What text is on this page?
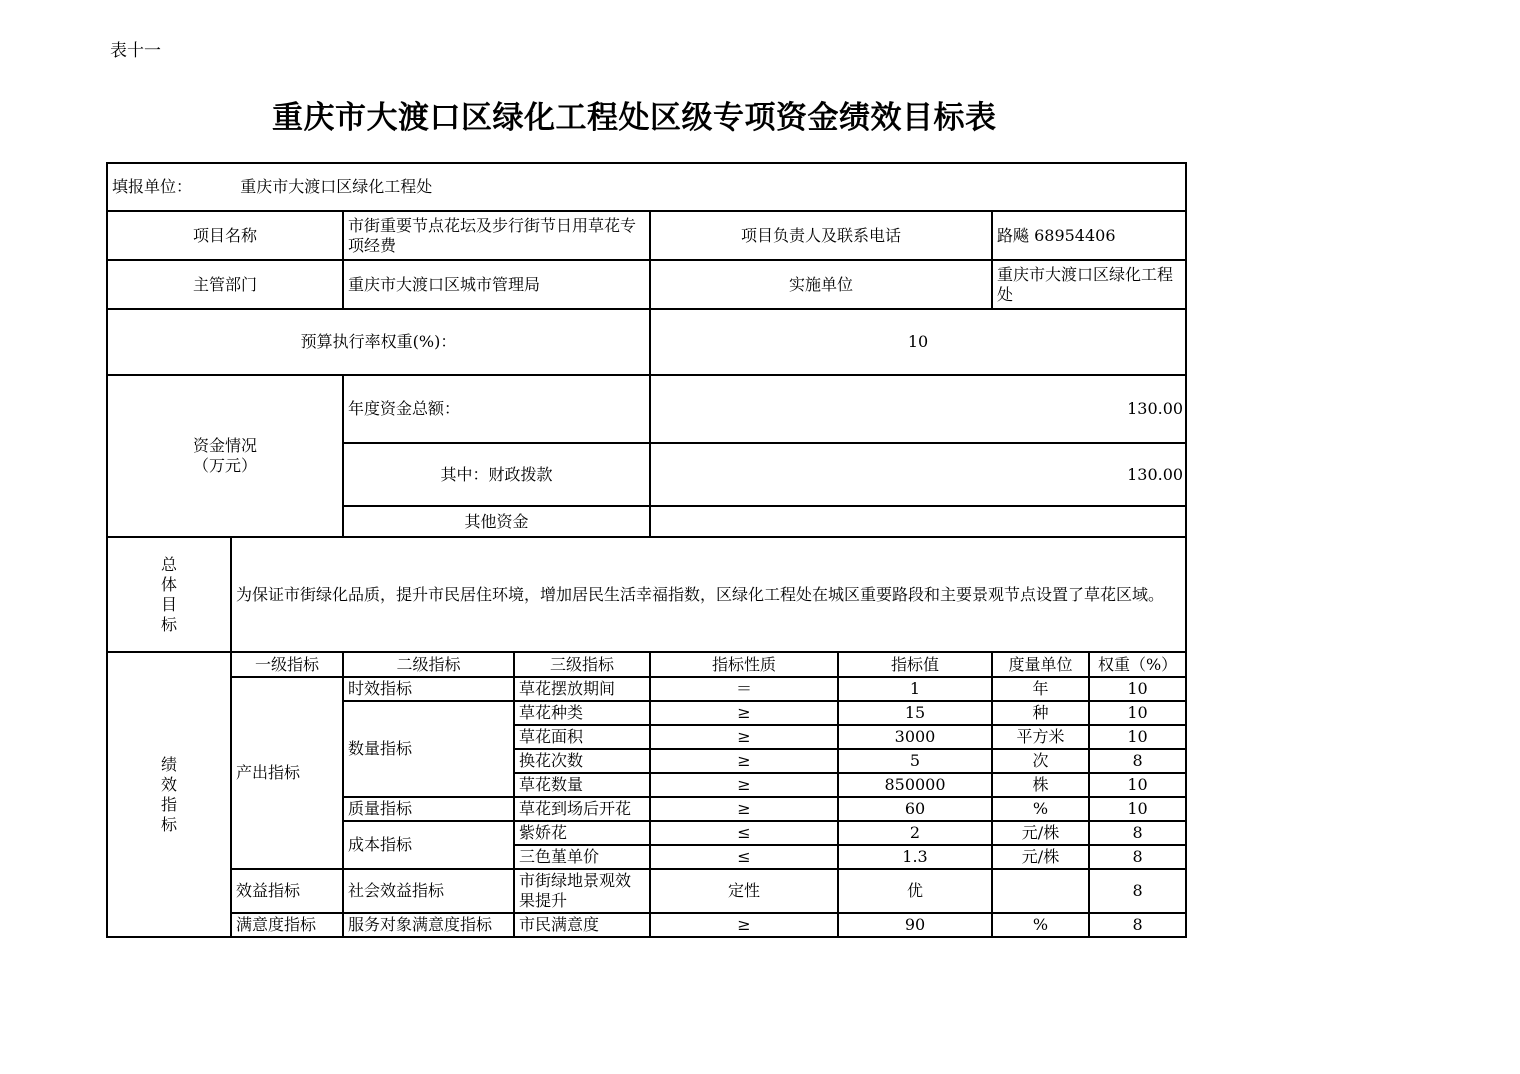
表十一
重庆市大渡口区绿化工程处区级专项资金绩效目标表
填报单位： 重庆市大渡口区绿化工程处							
项目名称		市街重要节点花坛及步行街节日用草花专项经费		项目负责人及联系电话		路飚 68954406	
主管部门		重庆市大渡口区城市管理局		实施单位		重庆市大渡口区绿化工程处	
预算执行率权重(%)：				10			

资金情况
（万元）		年度资金总额：		130.00			
		其中：财政拨款		130.00			
		其他资金					

总
体
目
标	为保证市街绿化品质，提升市民居住环境，增加居民生活幸福指数，区绿化工程处在城区重要路段和主要景观节点设置了草花区域。						

绩
效
指
标	一级指标	二级指标	三级指标	指标性质	指标值	度量单位	权重（%）
	产出指标	时效指标	草花摆放期间	＝	1	年	10
		数量指标	草花种类	≥	15	种	10
			草花面积	≥	3000	平方米	10
			换花次数	≥	5	次	8
			草花数量	≥	850000	株	10
		质量指标	草花到场后开花	≥	60	%	10
		成本指标	紫娇花	≤	2	元/株	8
			三色堇单价	≤	1.3	元/株	8
	效益指标	社会效益指标	市街绿地景观效果提升	定性	优		8
	满意度指标	服务对象满意度指标	市民满意度	≥	90	%	8
